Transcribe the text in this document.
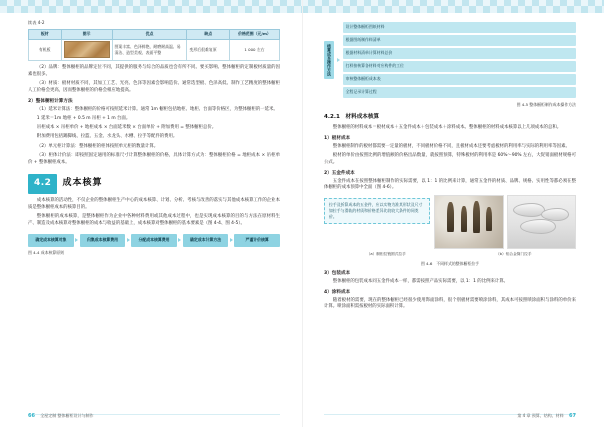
续表 4-2
板材	图示	优点	缺点	价格范围（元/m）
有机板		图案丰富、色泽鲜艳、耐磨耐高温、易清洁、造型美观、表面平整	变形后很难复原	1 000 左右

（2）品牌：整体橱柜的品牌定位不同，其提供的服务与综合的品质也会有所不同。要买影响、整体橱柜的定制板材质量的因素也很多。

（3）材质：板材材质不同，其加工工艺、光亮、色泽等因素会影响造价。通常选型板、色泽高低、制作工艺精度的整体橱柜人工价格会更高，因而整体橱柜的价格会相应地提高。

2）整体橱柜计算方法

（1）延米计算法：整体橱柜的价格可按照延米计算。通常 1m 橱柜包括地柜、地柜、台面等价格区，为整体橱柜的一延米。

1 延米＝1m 地柜 + 0.5 m 吊柜 + 1 m 台面。

吊柜成本 × 吊柜单价 + 地柜成本 × 台面延米数 × 台面单价 + 附加费用 = 整体橱柜总价。

附加费用包括踢脚线、拉篮、五金、水龙头、水槽、拉手等配件的费用。

（2）单元柜计算法：整体橱柜的柜体按照单元柜的数量计算。

（3）柜体计价法：即按照固定通用的标准尺寸计算整体橱柜的价格，具体计算方式为：整体橱柜价格 = 地柜成本 × 吊柜单价 + 整体橱柜成本。

4.2	成本核算

成本核算的活动性，不仅企业的整体橱柜生产中心的成本核算、计划、分析、考核与改善的落实与其他成本核算工作的企业本质是整体橱柜成本的核算目的。

整体橱柜的成本核算，是整体橱柜作为企业中各种材料费用或其他成本过程中，也是实现成本核算的目的与方法在原材料生产、制造及成本核算对整体橱柜的成本与收益的基础上，成本核算对整体橱柜的基本要素是（图 4-4、图 4-5）。

确定成本核算对象	归集成本核算费用	分配成本核算费用	确定成本计算方法	严谨计价核算
图 4-4 成本核算原则
核算成本操作方法
设计整体橱柜图纸材料
根据图纸制作料清单
根据材料清单计算材料总价
打样按核算各材料对应构件的工位
审核整体橱柜成本表
全程记录计算过程
图 4-5 整体橱柜制作成本操作方法
4.2.1　材料成本核算

整体橱柜的材料成本＝板材成本＋五金件成本＋包装成本＋涂料成本。整体橱柜的材料成本核算以上几项成本的总和。

1）板材成本

整体橱柜制作的板材都需要一定量的板材，不同板材价格不同，且板材成本还要考虑板材的利用率与实际的利用率等因素。

板材的单价由按照比例的增值额的价格出品数量，就按照预算，特殊板材的利用率是 60%～90% 左右，大促销面板材规格可公式。

2）五金件成本

五金件成本在按照整体橱柜制作的实际需要，以 1：1 的比例来计算，通常五金件的材质、品牌、规格、实用性等都必须在整体橱柜的成本预算中全面（图 4-6）。

拉手及折算成本的五金件，应以实物为准其形状及尺寸如拉手与滑轨的材质和价格差异比较较大条件的同类价。
（a）橱柜拉链圆式拉手	（b）铝合金筒门拉手
图 4-6　不同样式的整体橱柜拉手
3）包装成本

整体橱柜的包装成本同五金件成本一样，都需按照产品实际需要，以 1：1 的比例来计算。

4）涂料成本

随着板材的需要，现在的整体橱柜已经很少使用饰面涂料，很个别板材需要喷涂涂料，其成本可按照喷涂面积与涂料的单价来计算。喷涂面积需按板材的实际面积计算。

66 全屋定制 整体橱柜设计与制作	第 4 章 预算、结构、材料 67
